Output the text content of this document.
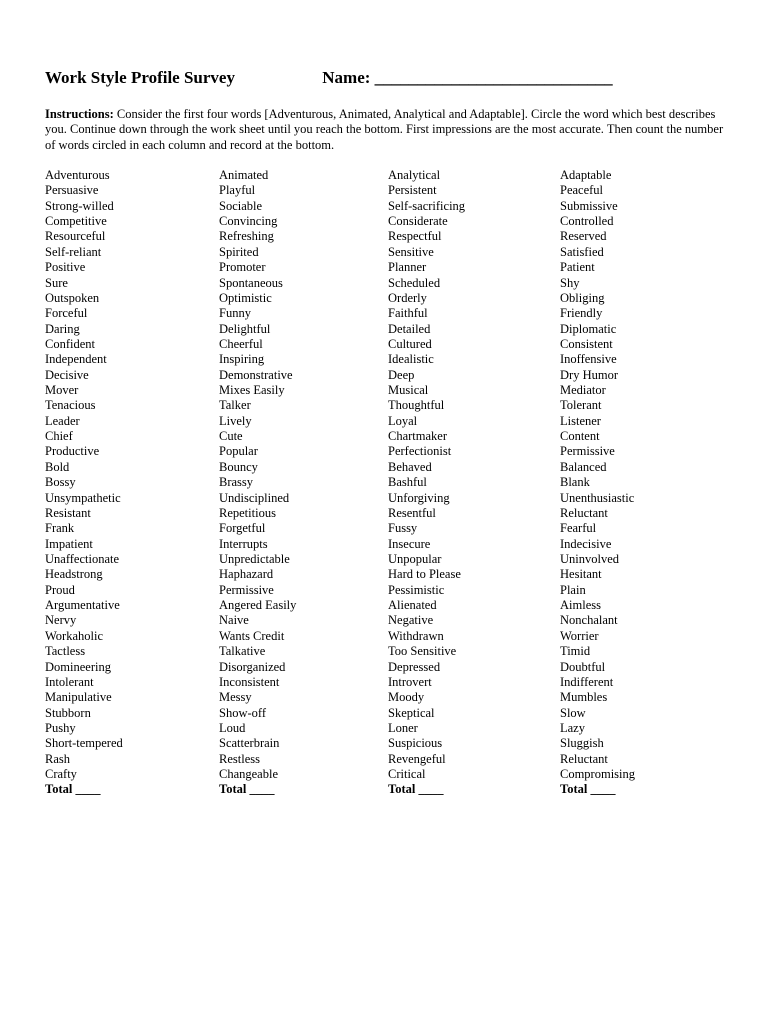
Work Style Profile Survey	Name: ____________________________
Instructions: Consider the first four words [Adventurous, Animated, Analytical and Adaptable]. Circle the word which best describes you. Continue down through the work sheet until you reach the bottom. First impressions are the most accurate. Then count the number of words circled in each column and record at the bottom.
Adventurous
Persuasive
Strong-willed
Competitive
Resourceful
Self-reliant
Positive
Sure
Outspoken
Forceful
Daring
Confident
Independent
Decisive
Mover
Tenacious
Leader
Chief
Productive
Bold
Bossy
Unsympathetic
Resistant
Frank
Impatient
Unaffectionate
Headstrong
Proud
Argumentative
Nervy
Workaholic
Tactless
Domineering
Intolerant
Manipulative
Stubborn
Pushy
Short-tempered
Rash
Crafty
Total ____
Animated
Playful
Sociable
Convincing
Refreshing
Spirited
Promoter
Spontaneous
Optimistic
Funny
Delightful
Cheerful
Inspiring
Demonstrative
Mixes Easily
Talker
Lively
Cute
Popular
Bouncy
Brassy
Undisciplined
Repetitious
Forgetful
Interrupts
Unpredictable
Haphazard
Permissive
Angered Easily
Naive
Wants Credit
Talkative
Disorganized
Inconsistent
Messy
Show-off
Loud
Scatterbrain
Restless
Changeable
Total ____
Analytical
Persistent
Self-sacrificing
Considerate
Respectful
Sensitive
Planner
Scheduled
Orderly
Faithful
Detailed
Cultured
Idealistic
Deep
Musical
Thoughtful
Loyal
Chartmaker
Perfectionist
Behaved
Bashful
Unforgiving
Resentful
Fussy
Insecure
Unpopular
Hard to Please
Pessimistic
Alienated
Negative
Withdrawn
Too Sensitive
Depressed
Introvert
Moody
Skeptical
Loner
Suspicious
Revengeful
Critical
Total ____
Adaptable
Peaceful
Submissive
Controlled
Reserved
Satisfied
Patient
Shy
Obliging
Friendly
Diplomatic
Consistent
Inoffensive
Dry Humor
Mediator
Tolerant
Listener
Content
Permissive
Balanced
Blank
Unenthusiastic
Reluctant
Fearful
Indecisive
Uninvolved
Hesitant
Plain
Aimless
Nonchalant
Worrier
Timid
Doubtful
Indifferent
Mumbles
Slow
Lazy
Sluggish
Reluctant
Compromising
Total ____
